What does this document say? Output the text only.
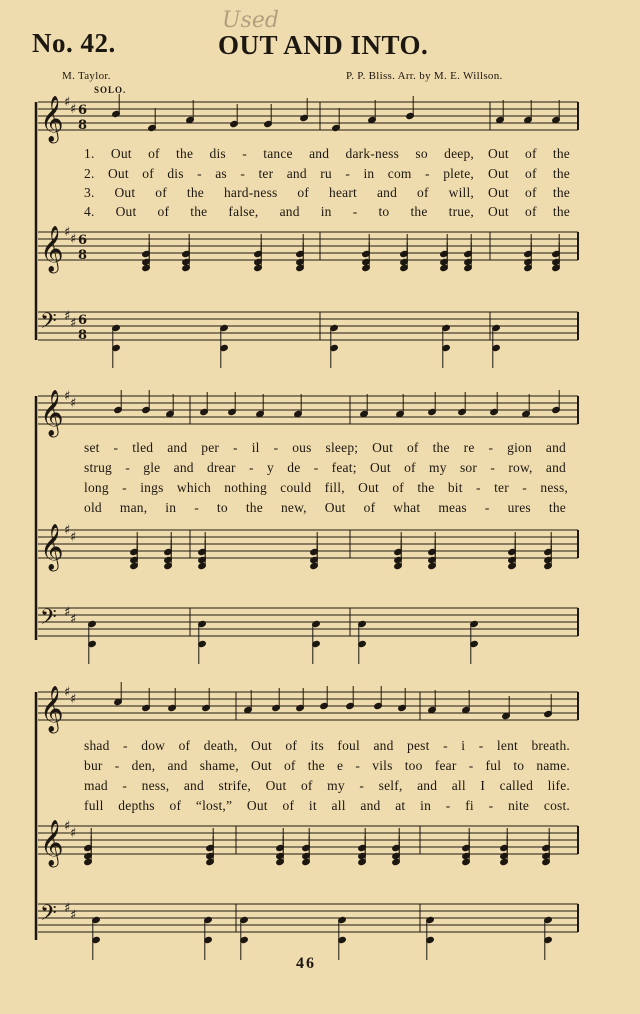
Used
No. 42.	OUT AND INTO.
M. Taylor.	P. P. Bliss. Arr. by M. E. Willson.
SOLO.
𝄞 ♯ ♯ 6
8
𝄞 ♯ ♯ 6
8
𝄢 ♯ ♯ 6
8
𝄞 ♯ ♯
𝄞 ♯ ♯
𝄢 ♯ ♯
𝄞 ♯ ♯
𝄞 ♯ ♯
𝄢 ♯ ♯
1. Out of the dis - tance and dark-ness so deep, Out of the
2. Out of dis - as - ter and ru - in com - plete, Out of the
3. Out of the hard-ness of heart and of will, Out of the
4. Out of the false, and in - to the true, Out of the
set - tled and per - il - ous sleep; Out of the re - gion and
strug - gle and drear - y de - feat; Out of my sor - row, and
long - ings which nothing could fill, Out of the bit - ter - ness,
old man, in - to the new, Out of what meas - ures the
shad - dow of death, Out of its foul and pest - i - lent breath.
bur - den, and shame, Out of the e - vils too fear - ful to name.
mad - ness, and strife, Out of my - self, and all I called life.
full depths of “lost,” Out of it all and at in - fi - nite cost.
46
